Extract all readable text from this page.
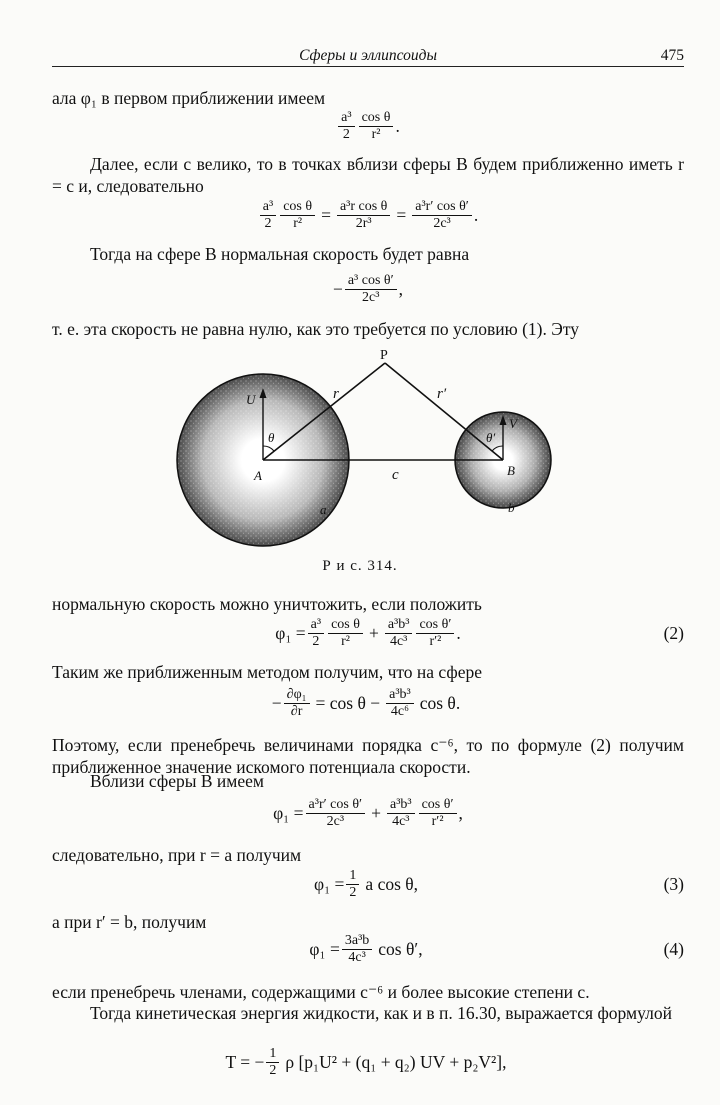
Сферы и эллипсоиды	475
ала φ₁ в первом приближении имеем
$\frac{\text{a³}}{2} \frac{\text{cos θ}}{\text{r²}}$ .
Далее, если c велико, то в точках вблизи сферы B будем приближенно иметь r = c и, следовательно
$\frac{\text{a³}}{2} \frac{\text{cos θ}}{\text{r²}} = \frac{\text{a³r cos θ}}{\text{2r³}} = \frac{\text{a³r′ cos θ′}}{\text{2c³}}$ .
Тогда на сфере B нормальная скорость будет равна
− $\frac{\text{a³ cos θ′}}{\text{2c³}}$ ,
т. е. эта скорость не равна нулю, как это требуется по условию (1). Эту
P
r	r′
U
θ
A	c
a
θ′
V
B
b
Р и с. 314.
нормальную скорость можно уничтожить, если положить
$\varphi_1 = \frac{\text{a³}}{2} \frac{\text{cos θ}}{\text{r²}} + \frac{\text{a³b³}}{\text{4c³}} \frac{\text{cos θ′}}{\text{r′²}}$ .	(2)
Таким же приближенным методом получим, что на сфере
− $\frac{\text{∂φ₁}}{\partial r} = \cos \theta - \frac{\text{a³b³}}{\text{4c⁶}}$ cos θ.
Поэтому, если пренебречь величинами порядка c⁻⁶, то по формуле (2) получим приближенное значение искомого потенциала скорости.
Вблизи сферы B имеем
$\varphi_1 = \frac{\text{a³r′ cos θ′}}{\text{2c³}} + \frac{\text{a³b³}}{\text{4c³}} \frac{\text{cos θ′}}{\text{r′²}}$ ,
следовательно, при r = a получим
$\varphi_1 = \frac{1}{2}$ a cos θ,	(3)
а при r′ = b, получим
$\varphi_1 = \frac{\text{3a³b}}{\text{4c³}}$ cos θ′,	(4)
если пренебречь членами, содержащими c⁻⁶ и более высокие степени c.
Тогда кинетическая энергия жидкости, как и в п. 16.30, выражается формулой
T = − $\frac{1}{2}$ ρ [p₁U² + (q₁ + q₂) UV + p₂V²],
